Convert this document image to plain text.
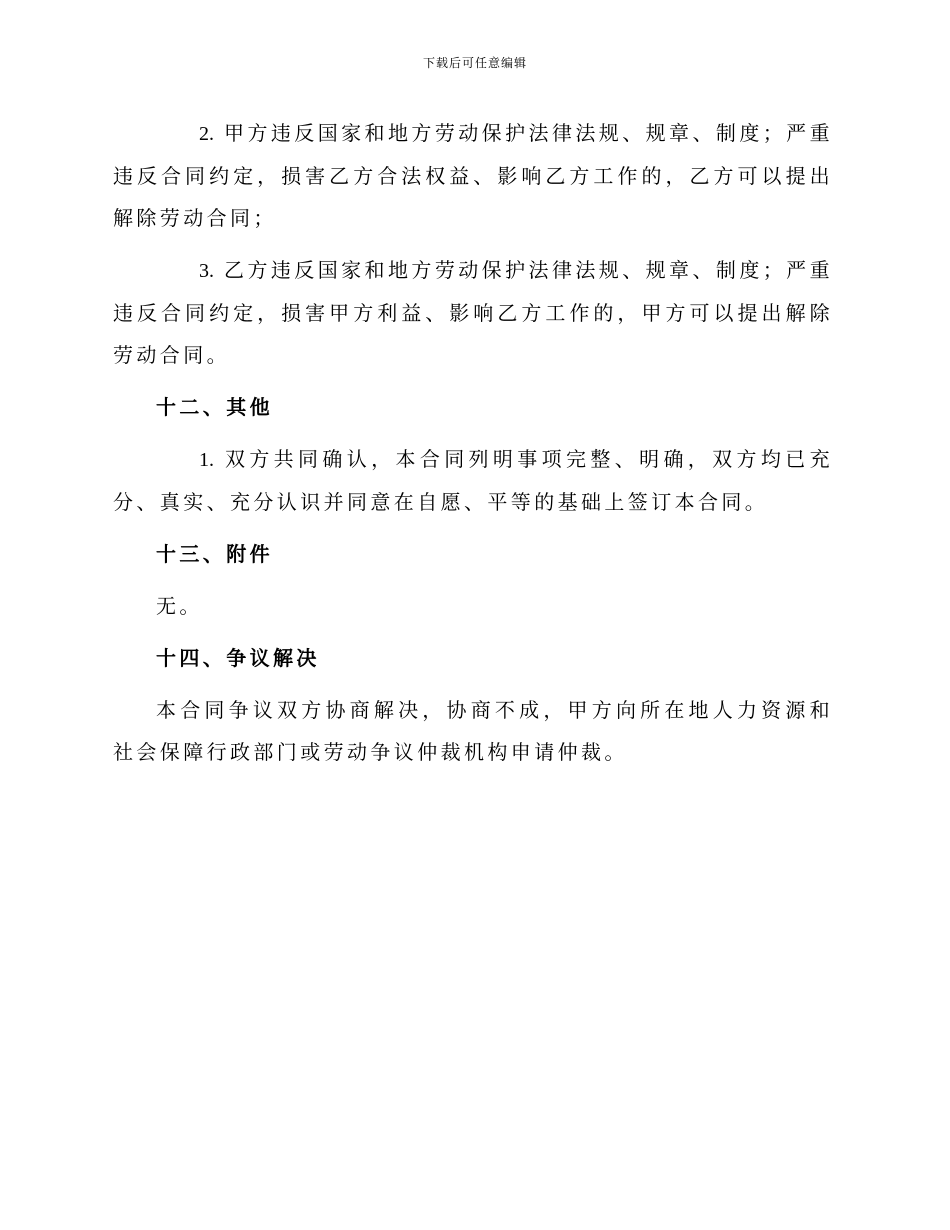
下载后可任意编辑

2. 甲方违反国家和地方劳动保护法律法规、规章、制度；严重违反合同约定，损害乙方合法权益、影响乙方工作的，乙方可以提出解除劳动合同；

3. 乙方违反国家和地方劳动保护法律法规、规章、制度；严重违反合同约定，损害甲方利益、影响乙方工作的，甲方可以提出解除劳动合同。

十二、其他

1. 双方共同确认，本合同列明事项完整、明确，双方均已充分、真实、充分认识并同意在自愿、平等的基础上签订本合同。

十三、附件
无。
十四、争议解决

本合同争议双方协商解决，协商不成，甲方向所在地人力资源和社会保障行政部门或劳动争议仲裁机构申请仲裁。
